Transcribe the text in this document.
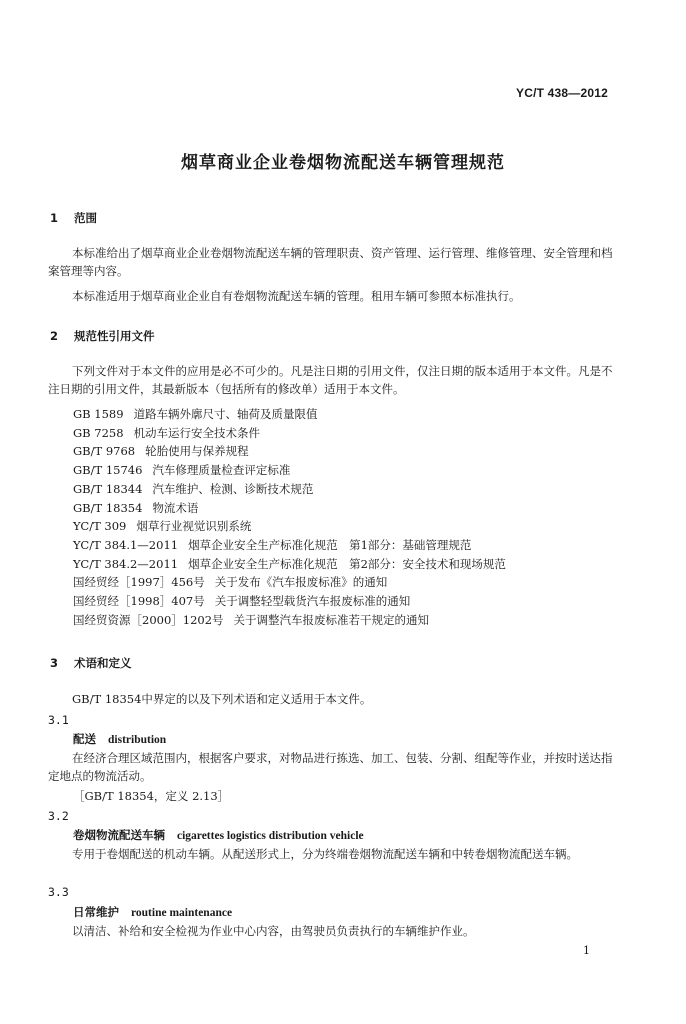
YC/T 438—2012
烟草商业企业卷烟物流配送车辆管理规范
1 范围

本标准给出了烟草商业企业卷烟物流配送车辆的管理职责、资产管理、运行管理、维修管理、安全管理和档案管理等内容。

本标准适用于烟草商业企业自有卷烟物流配送车辆的管理。租用车辆可参照本标准执行。

2 规范性引用文件

下列文件对于本文件的应用是必不可少的。凡是注日期的引用文件，仅注日期的版本适用于本文件。凡是不注日期的引用文件，其最新版本（包括所有的修改单）适用于本文件。

GB 1589 道路车辆外廓尺寸、轴荷及质量限值
GB 7258 机动车运行安全技术条件
GB/T 9768 轮胎使用与保养规程
GB/T 15746 汽车修理质量检查评定标准
GB/T 18344 汽车维护、检测、诊断技术规范
GB/T 18354 物流术语
YC/T 309 烟草行业视觉识别系统
YC/T 384.1—2011 烟草企业安全生产标准化规范　第1部分：基础管理规范
YC/T 384.2—2011 烟草企业安全生产标准化规范　第2部分：安全技术和现场规范
国经贸经［1997］456号 关于发布《汽车报废标准》的通知
国经贸经［1998］407号 关于调整轻型载货汽车报废标准的通知
国经贸资源［2000］1202号 关于调整汽车报废标准若干规定的通知
3 术语和定义

GB/T 18354中界定的以及下列术语和定义适用于本文件。

3.1
配送 distribution

在经济合理区域范围内，根据客户要求，对物品进行拣选、加工、包装、分割、组配等作业，并按时送达指定地点的物流活动。

［GB/T 18354，定义 2.13］

3.2
卷烟物流配送车辆 cigarettes logistics distribution vehicle

专用于卷烟配送的机动车辆。从配送形式上，分为终端卷烟物流配送车辆和中转卷烟物流配送车辆。

3.3
日常维护 routine maintenance

以清洁、补给和安全检视为作业中心内容，由驾驶员负责执行的车辆维护作业。

1
